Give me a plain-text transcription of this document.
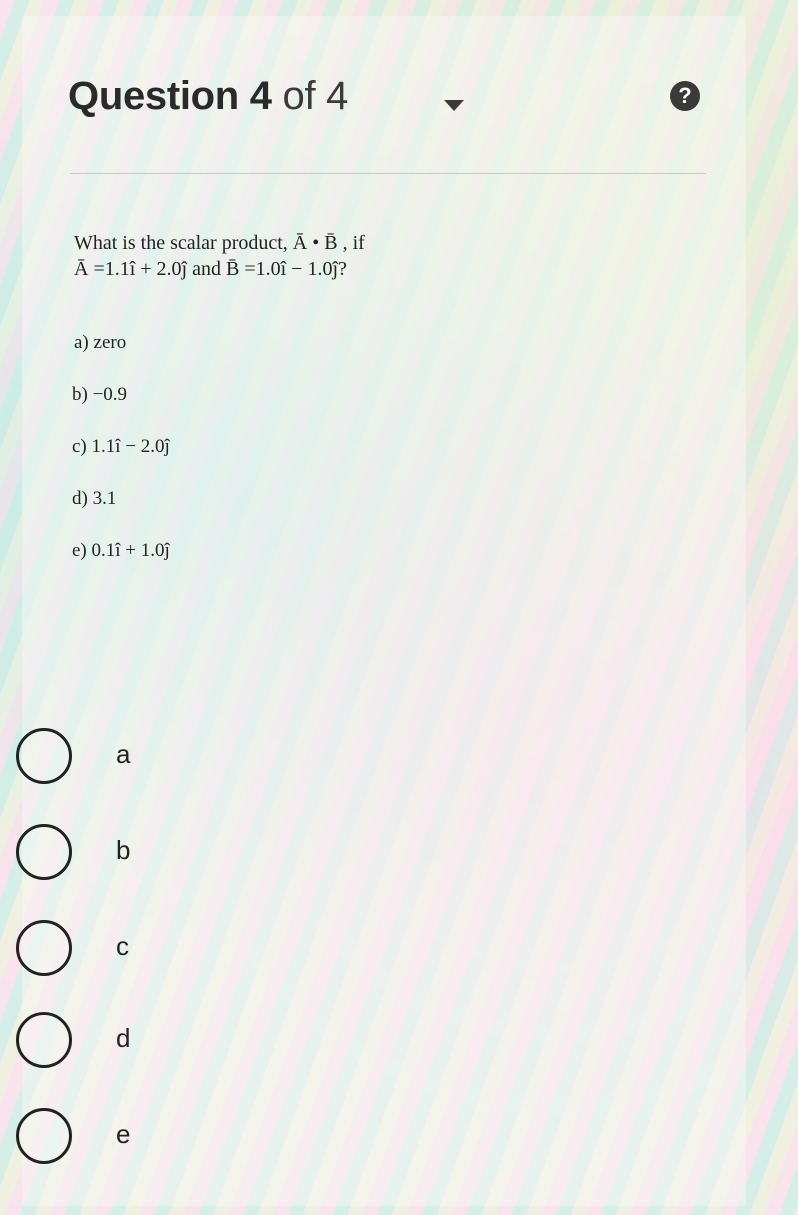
Question 4 of 4	?
What is the scalar product, Ā • B̄ , if
Ā =1.1î + 2.0ĵ and B̄ =1.0î − 1.0ĵ?
a) zero
b) −0.9
c) 1.1î − 2.0ĵ
d) 3.1
e) 0.1î + 1.0ĵ
a
b
c
d
e
